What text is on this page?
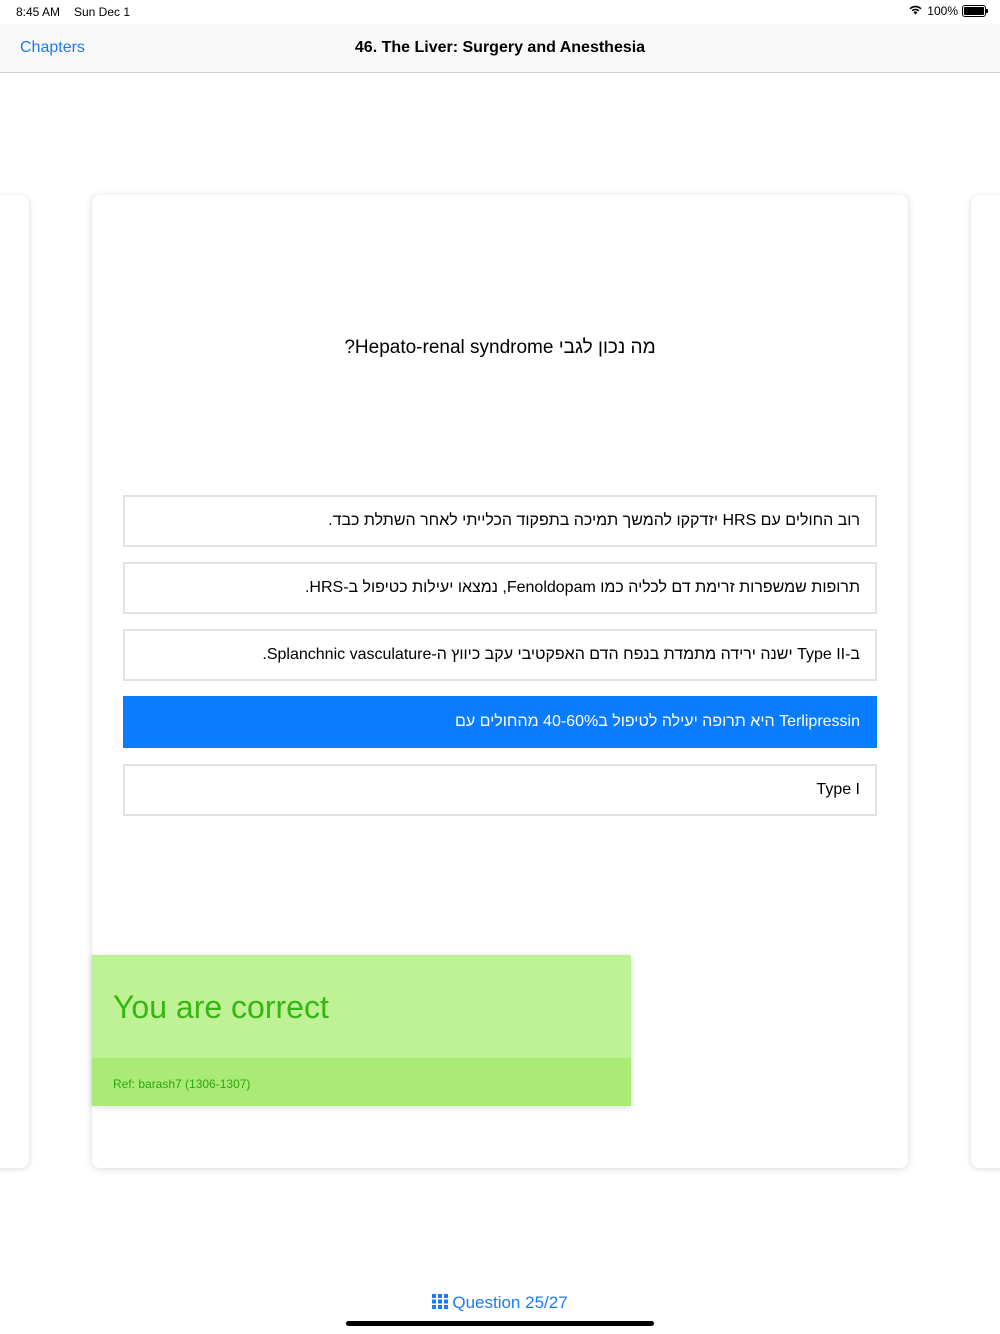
8:45 AM Sun Dec 1	100%
Chapters	46. The Liver: Surgery and Anesthesia
מה נכון לגבי Hepato-renal syndrome?
רוב החולים עם HRS יזדקקו להמשך תמיכה בתפקוד הכלייתי לאחר השתלת כבד.
תרופות שמשפרות זרימת דם לכליה כמו Fenoldopam, נמצאו יעילות כטיפול ב-HRS.
ב-Type II ישנה ירידה מתמדת בנפח הדם האפקטיבי עקב כיווץ ה-Splanchnic vasculature.
Terlipressin היא תרופה יעילה לטיפול ב40-60% מהחולים עם
Type I
You are correct
Ref: barash7 (1306-1307)
Question 25/27
